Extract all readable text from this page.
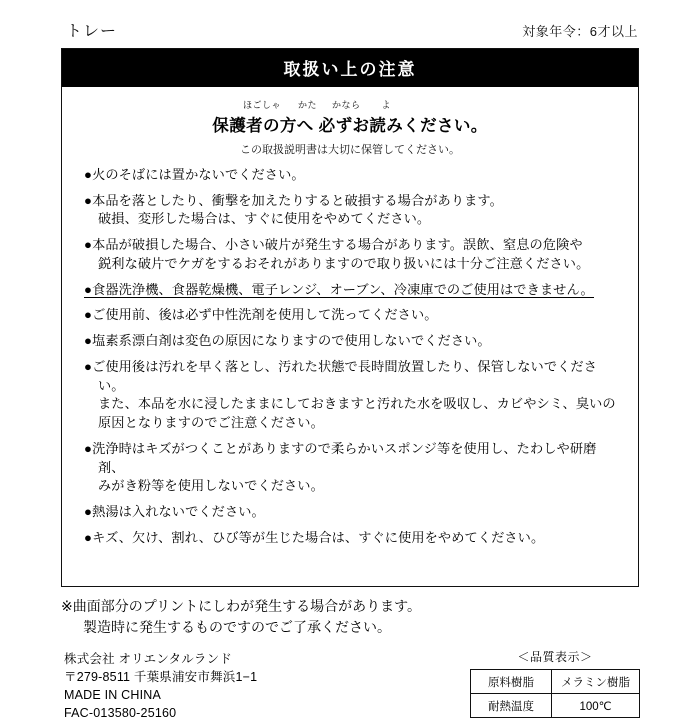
トレー	対象年令：6才以上
取扱い上の注意
ほごしゃ かた かなら よ
保護者の方へ 必ずお読みください。
この取扱説明書は大切に保管してください。
●火のそばには置かないでください。
●本品を落としたり、衝撃を加えたりすると破損する場合があります。
破損、変形した場合は、すぐに使用をやめてください。
●本品が破損した場合、小さい破片が発生する場合があります。誤飲、窒息の危険や
鋭利な破片でケガをするおそれがありますので取り扱いには十分ご注意ください。
●食器洗浄機、食器乾燥機、電子レンジ、オーブン、冷凍庫でのご使用はできません。
●ご使用前、後は必ず中性洗剤を使用して洗ってください。
●塩素系漂白剤は変色の原因になりますので使用しないでください。
●ご使用後は汚れを早く落とし、汚れた状態で長時間放置したり、保管しないでください。
また、本品を水に浸したままにしておきますと汚れた水を吸収し、カビやシミ、臭いの
原因となりますのでご注意ください。
●洗浄時はキズがつくことがありますので柔らかいスポンジ等を使用し、たわしや研磨剤、
みがき粉等を使用しないでください。
●熱湯は入れないでください。
●キズ、欠け、割れ、ひび等が生じた場合は、すぐに使用をやめてください。
※曲面部分のプリントにしわが発生する場合があります。
製造時に発生するものですのでご了承ください。
株式会社 オリエンタルランド
〒279-8511 千葉県浦安市舞浜1−1
MADE IN CHINA
FAC-013580-25160
＜品質表示＞
原料樹脂	メラミン樹脂
耐熱温度	100℃
